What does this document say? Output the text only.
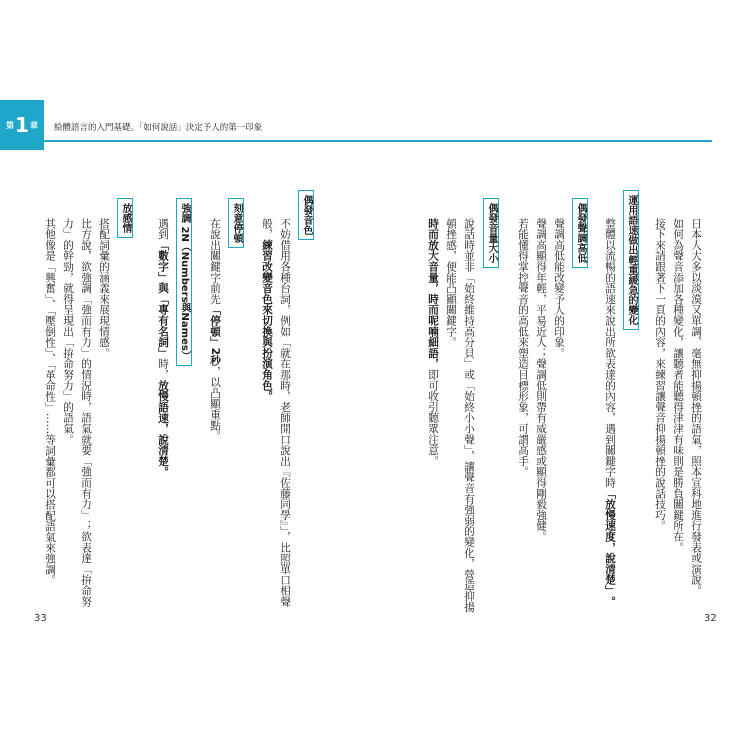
第 1 章 給體語言的入門基礎。「如何說話」決定予人的第一印象
日本人大多以淡漠又單調、毫無抑揚頓挫的語氣，照本宣科地進行發表或演說。
如何為聲音添加各種變化，讓聽者能聽得津津有味則是勝負關鍵所在。
接下來請跟著下一頁的內容，來練習讓聲音抑揚頓挫的說話技巧。
運用語速做出輕重緩急的變化
整體以流暢的語速來說出所欲表達的內容，遇到關鍵字時「放慢速度，說清楚」。
偶發聲調高低
聲調高低能改變予人的印象。
聲調高顯得年輕，平易近人；聲調低則帶有威嚴感或顯得剛毅強健。
若能懂得掌控聲音的高低來塑造目標形象，可謂高手。
偶發音量大小
說話時並非「始終維持高分貝」或「始終小小聲」，讓聲音有強弱的變化，營造抑揚
頓挫感，便能凸顯關鍵字。
時而放大音量，時而呢喃細語，即可收引聽眾注意。
32
偶發音色
不妨借用各種台詞，例如「就在那時，老師開口說出『佐藤同學』」，比照單口相聲
般，練習改變音色來切換與扮演角色。
刻意停頓
在說出關鍵字前先「停頓」2秒，以凸顯重點。
強調 2N（Numbers與Names）
遇到「數字」與「專有名詞」時，放慢語速，說清楚。
放感情
搭配詞彙的涵義來展現情感。
比方說，欲強調「強而有力」的情況時，語氣就要「強而有力」；欲表達「拚命努
力」的幹勁，就得呈現出「拚命努力」的語氣。
其他像是「興奮」、「壓倒性」、「革命性」……等詞彙都可以搭配語氣來強調。
33
